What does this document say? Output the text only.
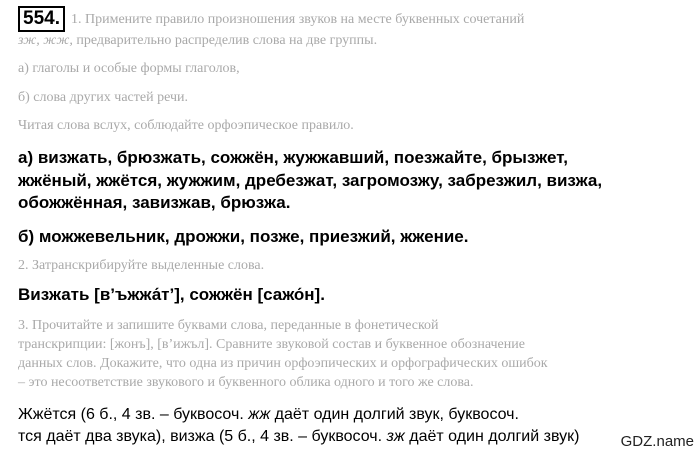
554. 1. Примените правило произношения звуков на месте буквенных сочетаний
зж, жж, предварительно распределив слова на две группы.
а) глаголы и особые формы глаголов,
б) слова других частей речи.
Читая слова вслух, соблюдайте орфоэпическое правило.
а) визжать, брюзжать, сожжён, жужжавший, поезжайте, брызжет,
жжёный, жжётся, жужжим, дребезжат, загромозжу, забрезжил, визжа,
обожжённая, завизжав, брюзжа.
б) можжевельник, дрожжи, позже, приезжий, жжение.
2. Затранскрибируйте выделенные слова.
Визжать [в’ъжжа́т’], сожжён [сажо́н].
3. Прочитайте и запишите буквами слова, переданные в фонетической
транскрипции: [жонъ], [в’ижъл]. Сравните звуковой состав и буквенное обозначение
данных слов. Докажите, что одна из причин орфоэпических и орфографических ошибок
– это несоответствие звукового и буквенного облика одного и того же слова.
Жжётся (6 б., 4 зв. – буквосоч. жж даёт один долгий звук, буквосоч.
тся даёт два звука), визжа (5 б., 4 зв. – буквосоч. зж даёт один долгий звук)	GDZ.name
